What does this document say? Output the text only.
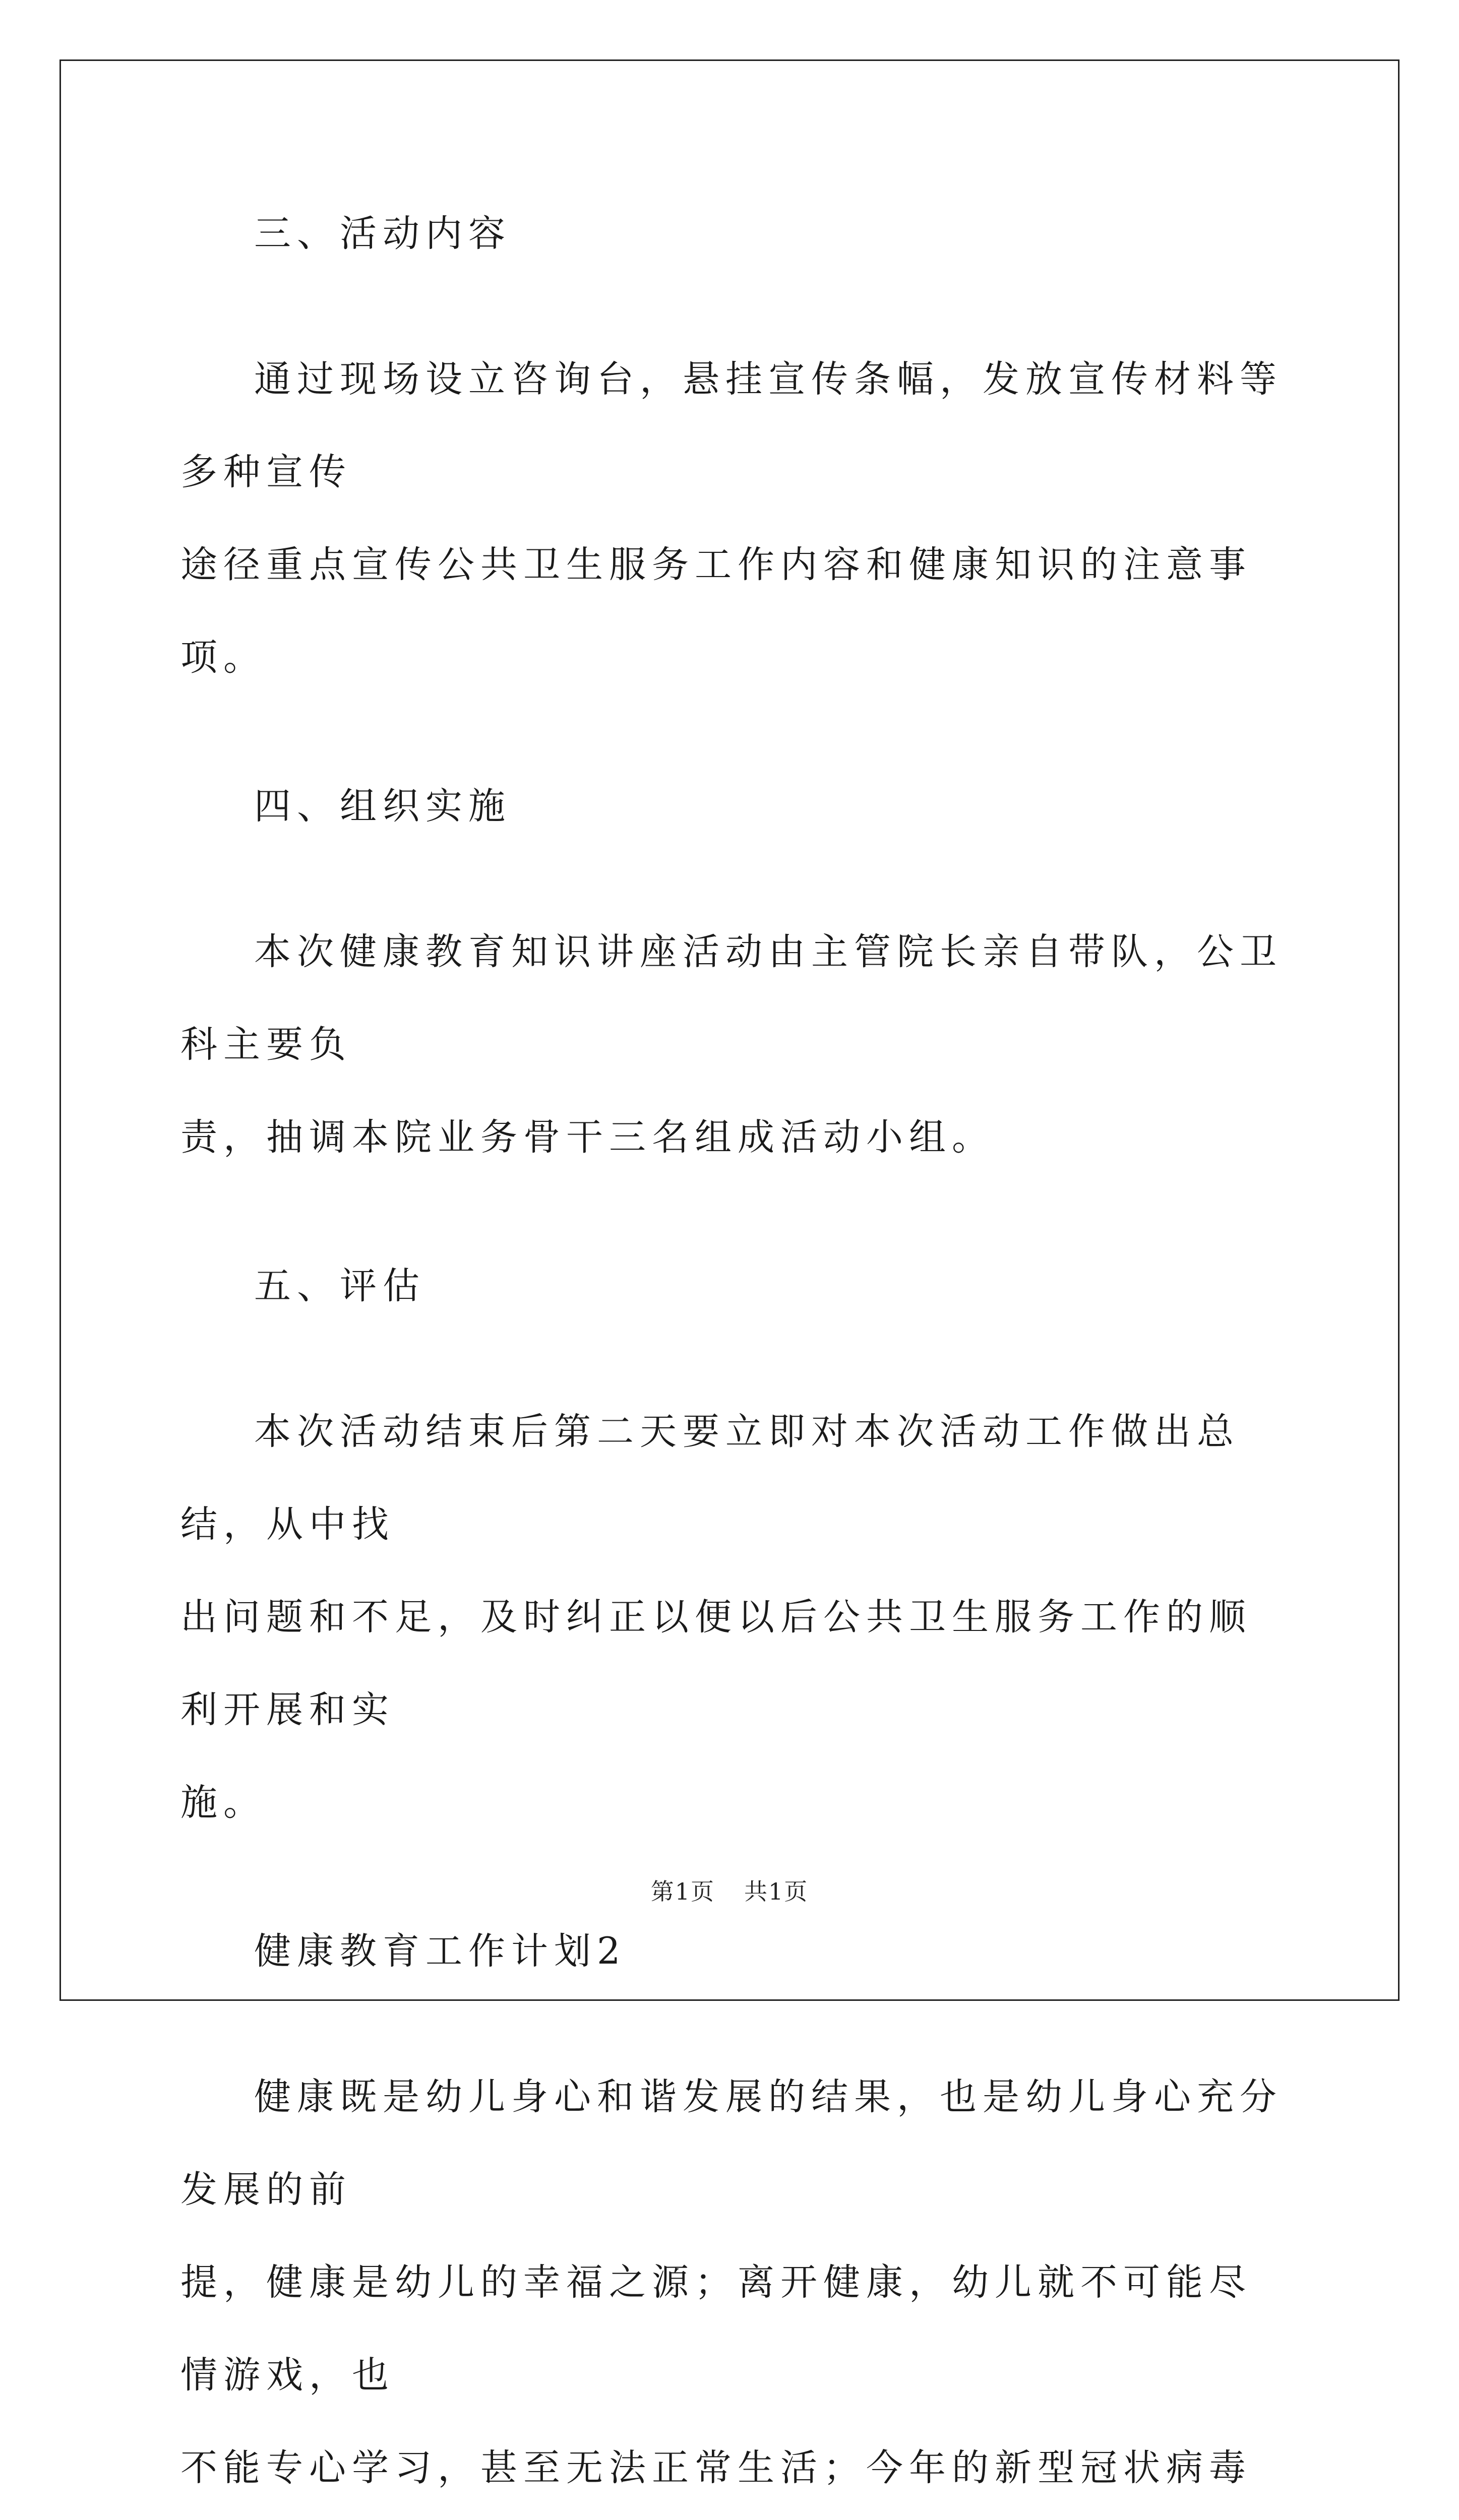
三、活动内容

通过现场设立咨询台，悬挂宣传条幅，发放宣传材料等多种宣传
途径重点宣传公共卫生服务工作内容和健康知识的注意事项。

四、组织实施

本次健康教育知识讲座活动由主管院长亲自带队，公卫科主要负
责，抽调本院业务骨干三名组成活动小组。

五、评估

本次活动结束后第二天要立即对本次活动工作做出总结，从中找
出问题和不足，及时纠正以便以后公共卫生服务工作的顺利开展和实
施。

健康教育工作计划2

健康既是幼儿身心和谐发展的结果，也是幼儿身心充分发展的前
提，健康是幼儿的幸福之源；离开健康，幼儿就不可能尽情游戏，也
不能专心学习，甚至无法正常生活；今年的新型冠状病毒

第1页 共1页
